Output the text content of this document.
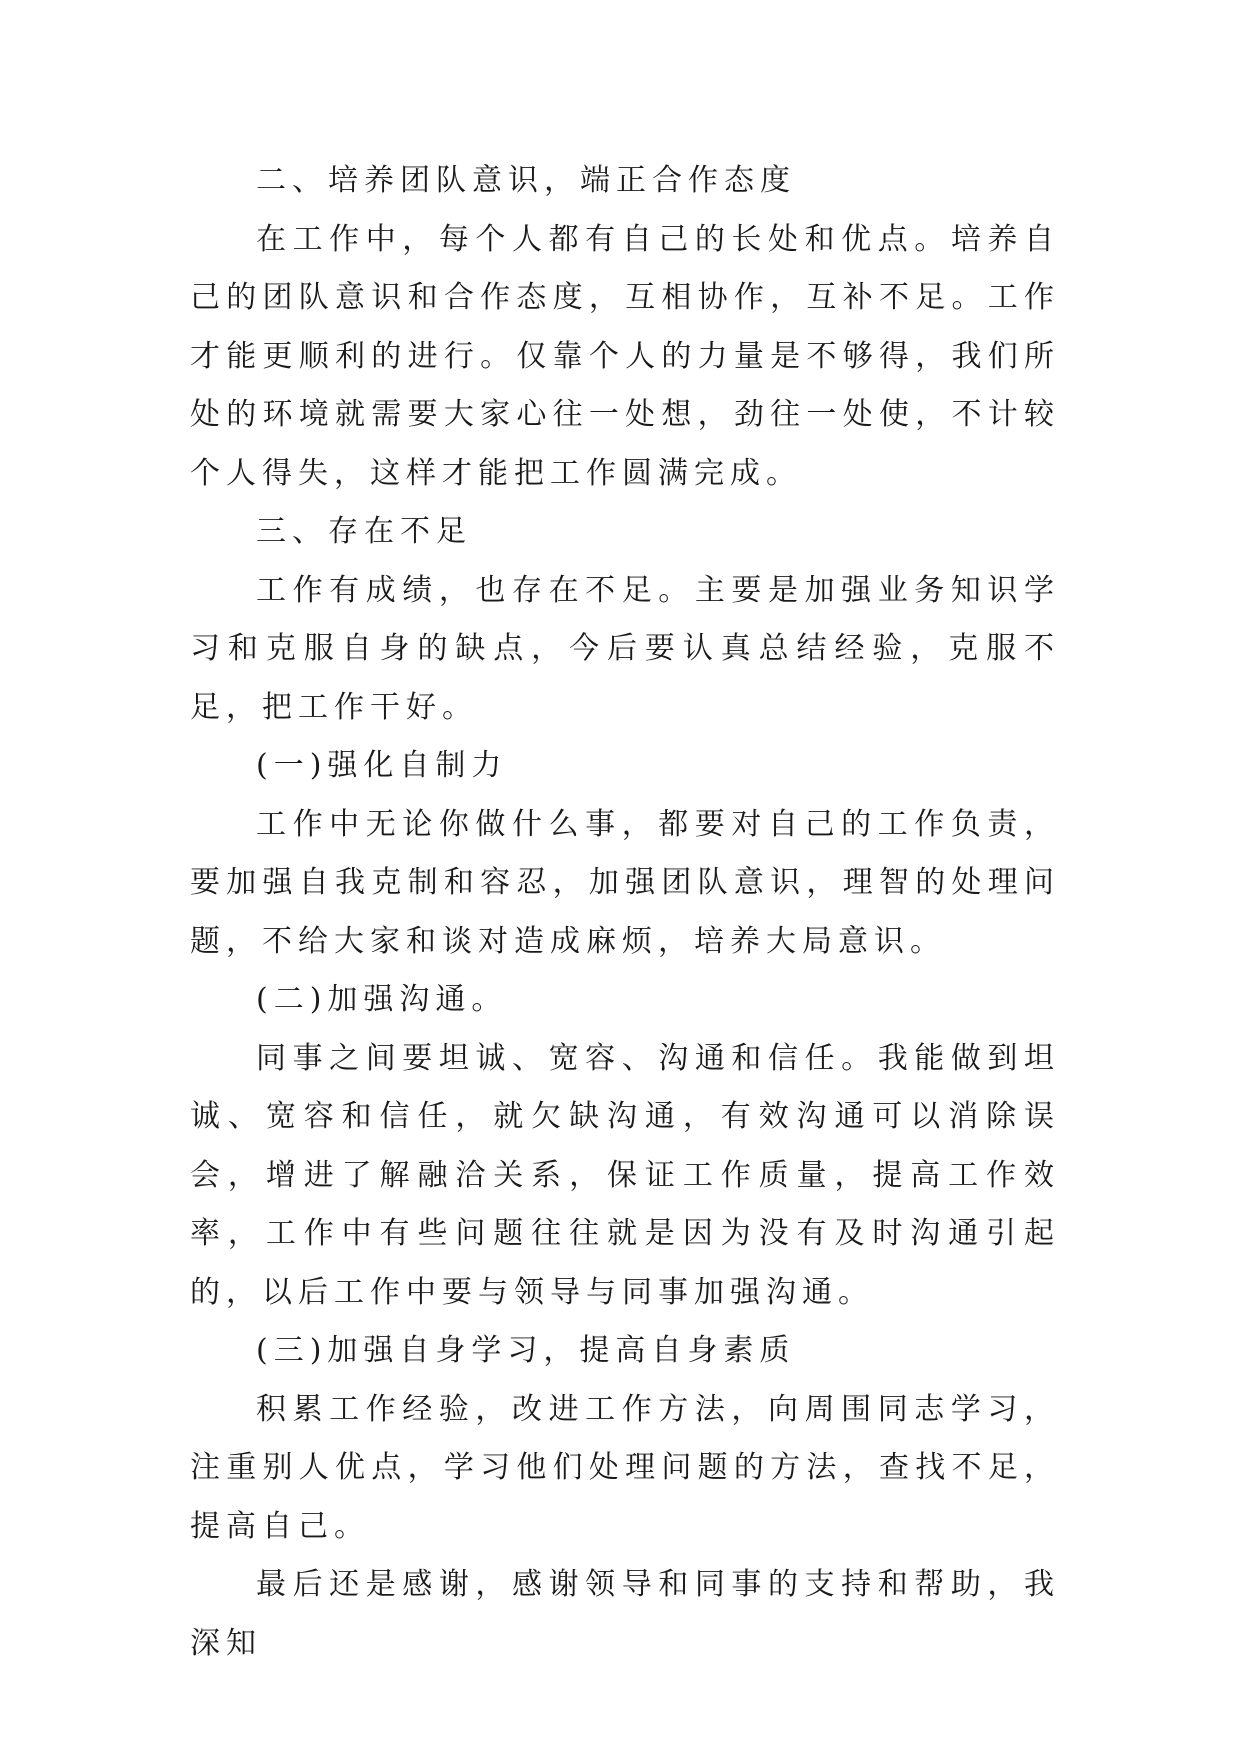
二、培养团队意识，端正合作态度

在工作中，每个人都有自己的长处和优点。培养自己的团队意识和合作态度，互相协作，互补不足。工作才能更顺利的进行。仅靠个人的力量是不够得，我们所处的环境就需要大家心往一处想，劲往一处使，不计较个人得失，这样才能把工作圆满完成。

三、存在不足

工作有成绩，也存在不足。主要是加强业务知识学习和克服自身的缺点，今后要认真总结经验，克服不足，把工作干好。

(一)强化自制力

工作中无论你做什么事，都要对自己的工作负责，要加强自我克制和容忍，加强团队意识，理智的处理问题，不给大家和谈对造成麻烦，培养大局意识。

(二)加强沟通。

同事之间要坦诚、宽容、沟通和信任。我能做到坦诚、宽容和信任，就欠缺沟通，有效沟通可以消除误会，增进了解融洽关系，保证工作质量，提高工作效率，工作中有些问题往往就是因为没有及时沟通引起的，以后工作中要与领导与同事加强沟通。

(三)加强自身学习，提高自身素质

积累工作经验，改进工作方法，向周围同志学习，注重别人优点，学习他们处理问题的方法，查找不足，提高自己。

最后还是感谢，感谢领导和同事的支持和帮助，我深知
